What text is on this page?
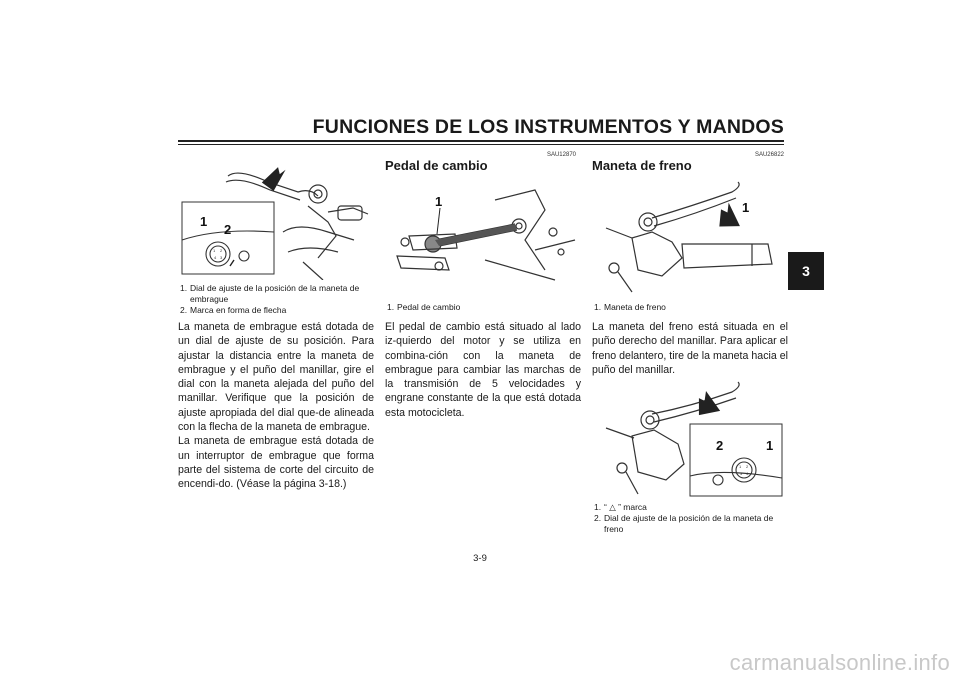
FUNCIONES DE LOS INSTRUMENTOS Y MANDOS
3
1 2
4 3
1
2
1. Dial de ajuste de la posición de la maneta de embrague
2. Marca en forma de flecha

La maneta de embrague está dotada de un dial de ajuste de su posición. Para ajustar la distancia entre la maneta de embrague y el puño del manillar, gire el dial con la maneta alejada del puño del manillar. Verifique que la posición de ajuste apropiada del dial que-de alineada con la flecha de la maneta de embrague.

La maneta de embrague está dotada de un interruptor de embrague que forma parte del sistema de corte del circuito de encendi-do. (Véase la página 3-18.)

SAU12870
Pedal de cambio
1
1. Pedal de cambio

El pedal de cambio está situado al lado iz-quierdo del motor y se utiliza en combina-ción con la maneta de embrague para cambiar las marchas de la transmisión de 5 velocidades y engrane constante de la que está dotada esta motocicleta.

SAU26822
Maneta de freno
1
1. Maneta de freno

La maneta del freno está situada en el puño derecho del manillar. Para aplicar el freno delantero, tire de la maneta hacia el puño del manillar.

1 2
3 4
2	1
1. “ △ ” marca
2. Dial de ajuste de la posición de la maneta de freno
3-9
carmanualsonline.info
